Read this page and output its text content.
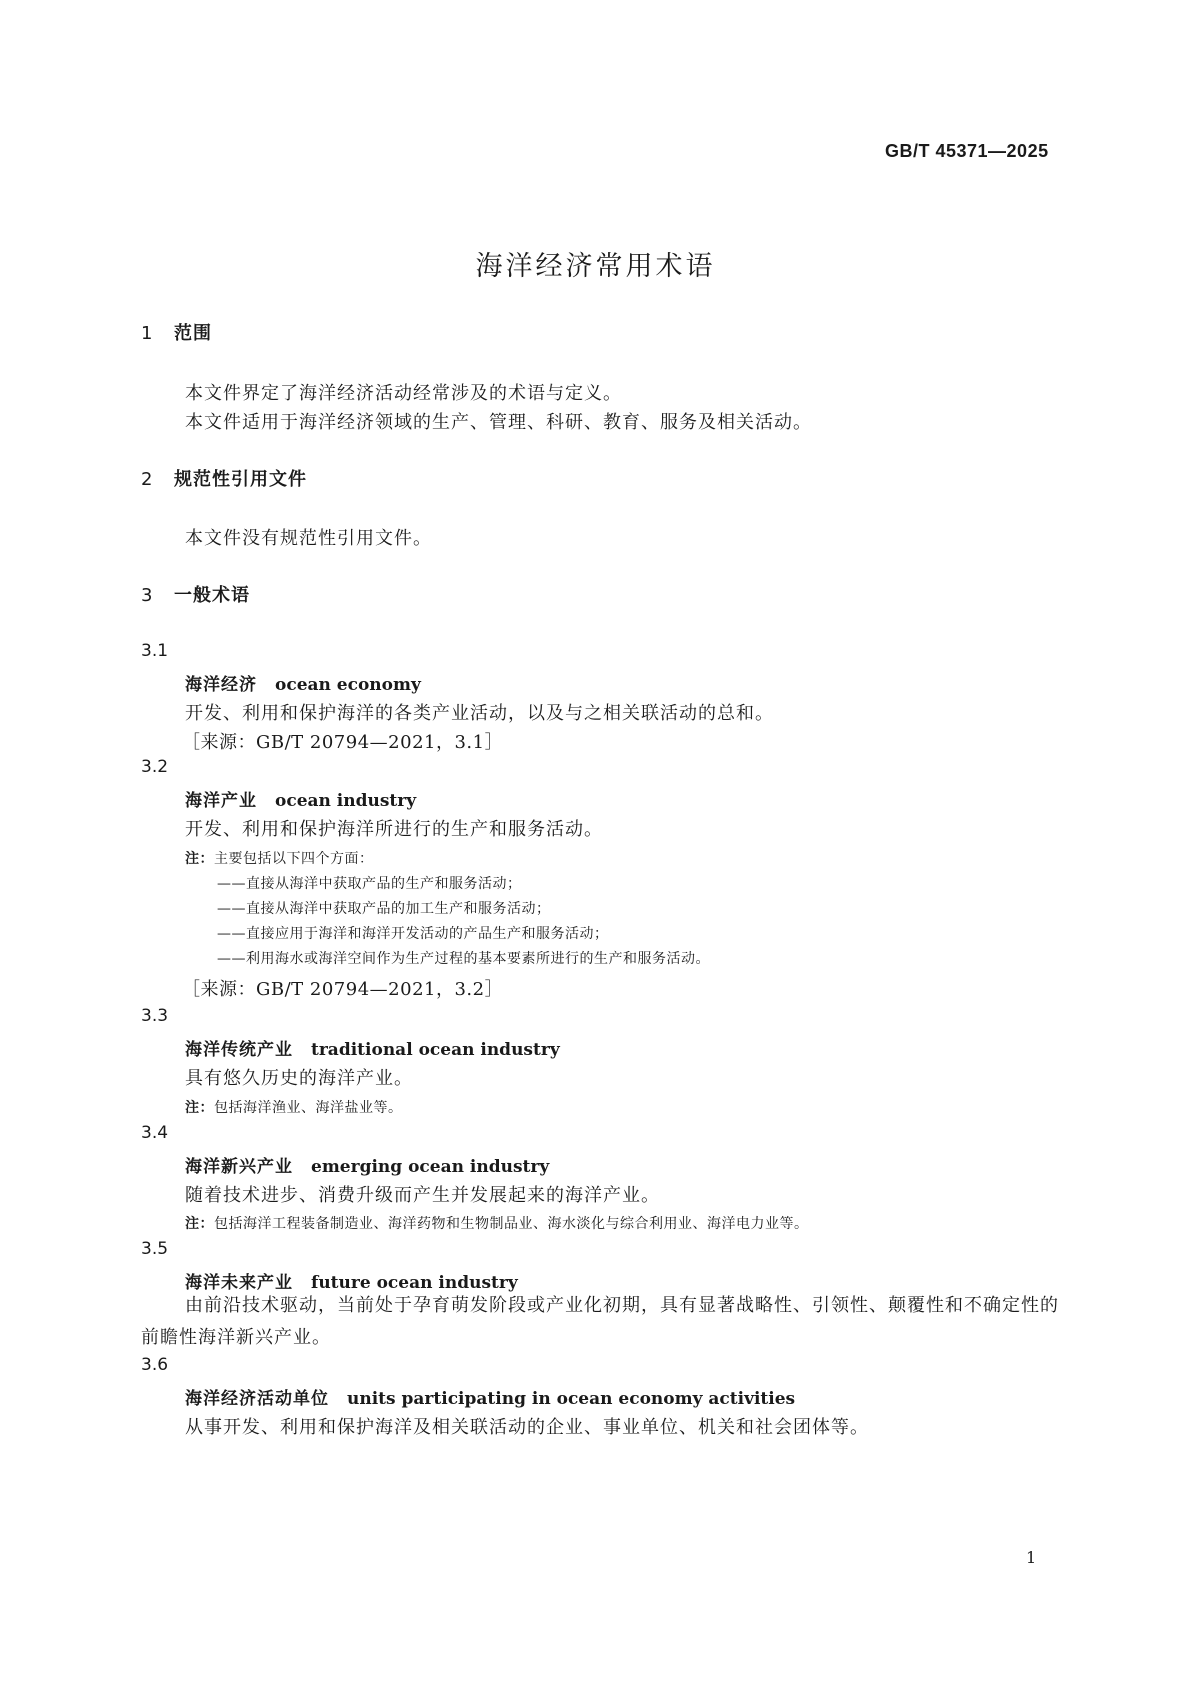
GB/T 45371—2025
海洋经济常用术语
1 范围
本文件界定了海洋经济活动经常涉及的术语与定义。
本文件适用于海洋经济领域的生产、管理、科研、教育、服务及相关活动。
2 规范性引用文件
本文件没有规范性引用文件。
3 一般术语
3.1
海洋经济 ocean economy
开发、利用和保护海洋的各类产业活动，以及与之相关联活动的总和。
［来源：GB/T 20794—2021，3.1］
3.2
海洋产业 ocean industry
开发、利用和保护海洋所进行的生产和服务活动。
注：主要包括以下四个方面：
——直接从海洋中获取产品的生产和服务活动；
——直接从海洋中获取产品的加工生产和服务活动；
——直接应用于海洋和海洋开发活动的产品生产和服务活动；
——利用海水或海洋空间作为生产过程的基本要素所进行的生产和服务活动。
［来源：GB/T 20794—2021，3.2］
3.3
海洋传统产业 traditional ocean industry
具有悠久历史的海洋产业。
注：包括海洋渔业、海洋盐业等。
3.4
海洋新兴产业 emerging ocean industry
随着技术进步、消费升级而产生并发展起来的海洋产业。
注：包括海洋工程装备制造业、海洋药物和生物制品业、海水淡化与综合利用业、海洋电力业等。
3.5
海洋未来产业 future ocean industry
由前沿技术驱动，当前处于孕育萌发阶段或产业化初期，具有显著战略性、引领性、颠覆性和不确定性的前瞻性海洋新兴产业。
3.6
海洋经济活动单位 units participating in ocean economy activities
从事开发、利用和保护海洋及相关联活动的企业、事业单位、机关和社会团体等。
1
